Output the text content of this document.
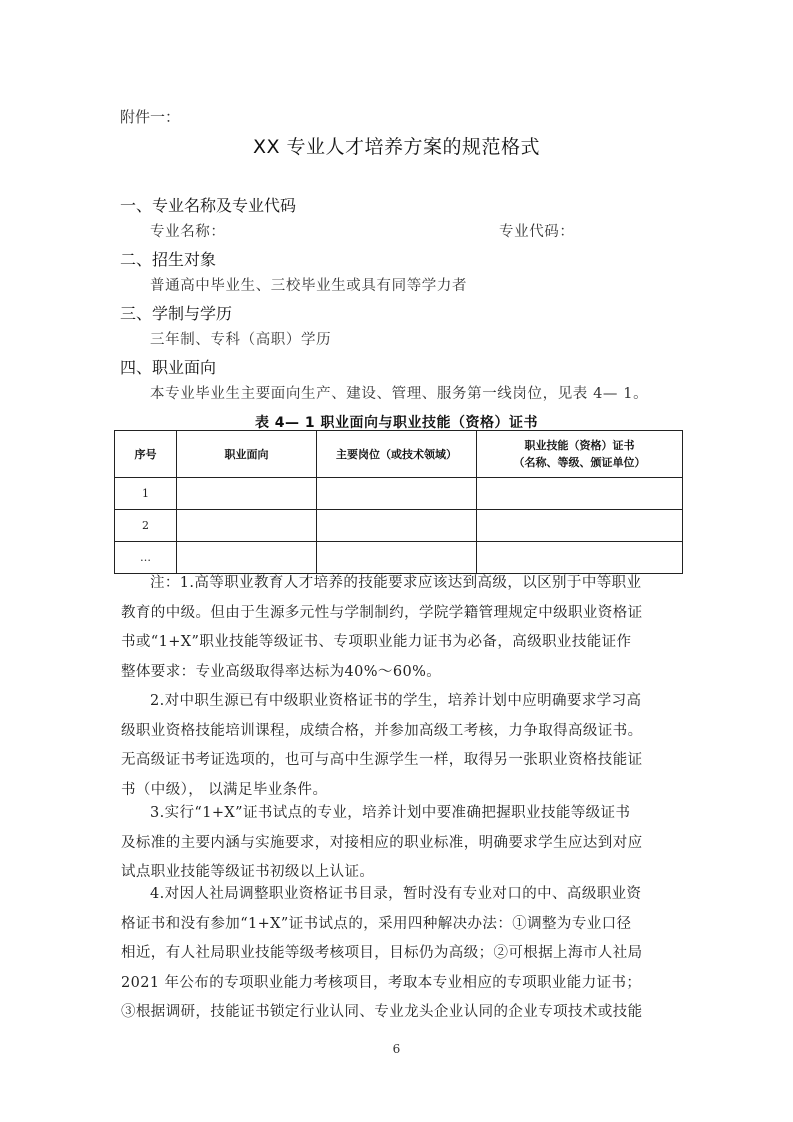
附件一：
XX 专业人才培养方案的规范格式
一、专业名称及专业代码
专业名称：	专业代码：
二、招生对象
普通高中毕业生、三校毕业生或具有同等学力者
三、学制与学历
三年制、专科（高职）学历
四、职业面向
本专业毕业生主要面向生产、建设、管理、服务第一线岗位，见表 4— 1。
表 4— 1 职业面向与职业技能（资格）证书
序号	职业面向	主要岗位（或技术领域）	职业技能（资格）证书
（名称、等级、颁证单位）

1			
2			
…			
注：1.高等职业教育人才培养的技能要求应该达到高级，以区别于中等职业
教育的中级。但由于生源多元性与学制制约，学院学籍管理规定中级职业资格证
书或“1+X”职业技能等级证书、专项职业能力证书为必备，高级职业技能证作
整体要求：专业高级取得率达标为40%～60%。
2.对中职生源已有中级职业资格证书的学生，培养计划中应明确要求学习高
级职业资格技能培训课程，成绩合格，并参加高级工考核，力争取得高级证书。
无高级证书考证选项的，也可与高中生源学生一样，取得另一张职业资格技能证
书（中级）， 以满足毕业条件。
3.实行“1+X”证书试点的专业，培养计划中要准确把握职业技能等级证书
及标准的主要内涵与实施要求，对接相应的职业标准，明确要求学生应达到对应
试点职业技能等级证书初级以上认证。
4.对因人社局调整职业资格证书目录，暂时没有专业对口的中、高级职业资
格证书和没有参加“1+X”证书试点的，采用四种解决办法：①调整为专业口径
相近，有人社局职业技能等级考核项目，目标仍为高级；②可根据上海市人社局
2021 年公布的专项职业能力考核项目，考取本专业相应的专项职业能力证书；
③根据调研，技能证书锁定行业认同、专业龙头企业认同的企业专项技术或技能
6
